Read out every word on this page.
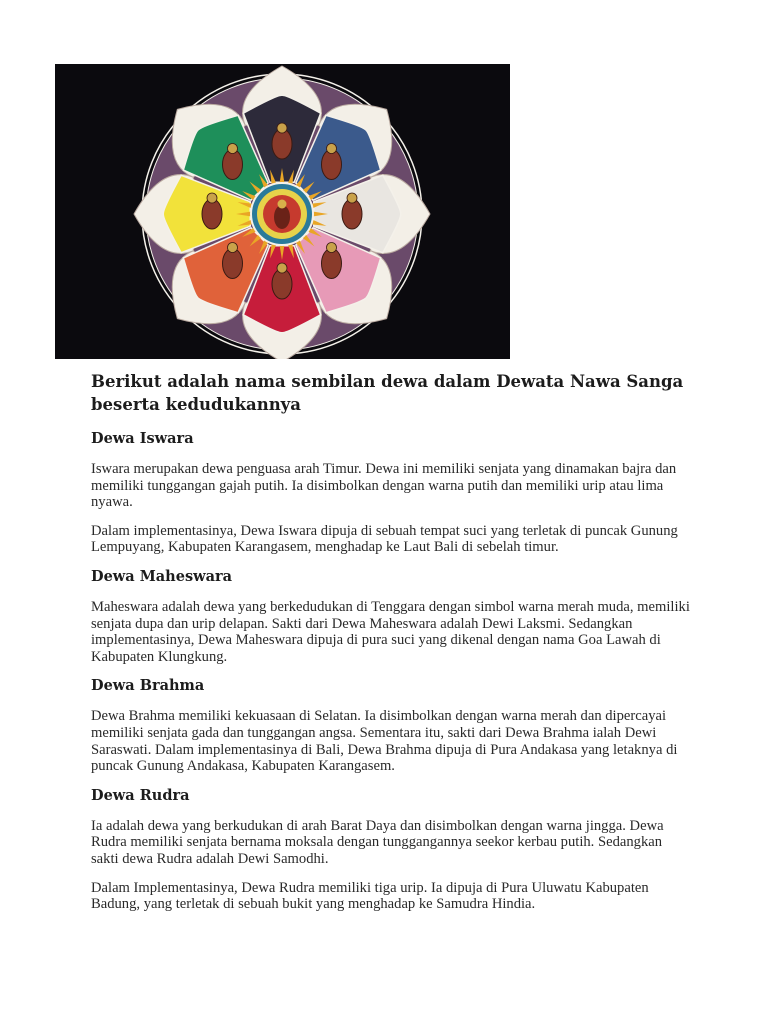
Berikut adalah nama sembilan dewa dalam Dewata Nawa Sanga beserta kedudukannya
Dewa Iswara

Iswara merupakan dewa penguasa arah Timur. Dewa ini memiliki senjata yang dinamakan bajra dan memiliki tunggangan gajah putih. Ia disimbolkan dengan warna putih dan memiliki urip atau lima nyawa.

Dalam implementasinya, Dewa Iswara dipuja di sebuah tempat suci yang terletak di puncak Gunung Lempuyang, Kabupaten Karangasem, menghadap ke Laut Bali di sebelah timur.

Dewa Maheswara

Maheswara adalah dewa yang berkedudukan di Tenggara dengan simbol warna merah muda, memiliki senjata dupa dan urip delapan. Sakti dari Dewa Maheswara adalah Dewi Laksmi. Sedangkan implementasinya, Dewa Maheswara dipuja di pura suci yang dikenal dengan nama Goa Lawah di Kabupaten Klungkung.

Dewa Brahma

Dewa Brahma memiliki kekuasaan di Selatan. Ia disimbolkan dengan warna merah dan dipercayai memiliki senjata gada dan tunggangan angsa. Sementara itu, sakti dari Dewa Brahma ialah Dewi Saraswati. Dalam implementasinya di Bali, Dewa Brahma dipuja di Pura Andakasa yang letaknya di puncak Gunung Andakasa, Kabupaten Karangasem.

Dewa Rudra

Ia adalah dewa yang berkudukan di arah Barat Daya dan disimbolkan dengan warna jingga. Dewa Rudra memiliki senjata bernama moksala dengan tunggangannya seekor kerbau putih. Sedangkan sakti dewa Rudra adalah Dewi Samodhi.

Dalam Implementasinya, Dewa Rudra memiliki tiga urip. Ia dipuja di Pura Uluwatu Kabupaten Badung, yang terletak di sebuah bukit yang menghadap ke Samudra Hindia.
